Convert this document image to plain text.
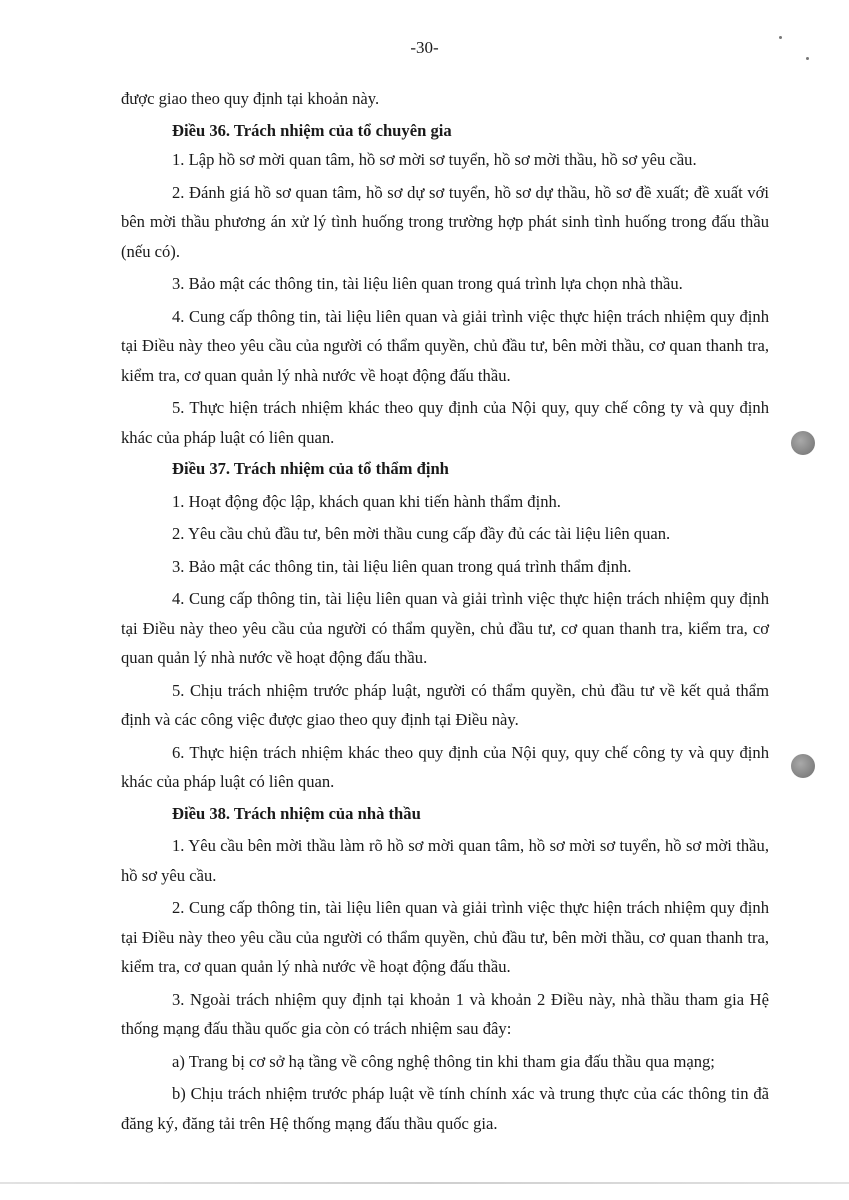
-30-

được giao theo quy định tại khoản này.

Điều 36. Trách nhiệm của tổ chuyên gia

1. Lập hồ sơ mời quan tâm, hồ sơ mời sơ tuyển, hồ sơ mời thầu, hồ sơ yêu cầu.

2. Đánh giá hồ sơ quan tâm, hồ sơ dự sơ tuyển, hồ sơ dự thầu, hồ sơ đề xuất; đề xuất với bên mời thầu phương án xử lý tình huống trong trường hợp phát sinh tình huống trong đấu thầu (nếu có).

3. Bảo mật các thông tin, tài liệu liên quan trong quá trình lựa chọn nhà thầu.

4. Cung cấp thông tin, tài liệu liên quan và giải trình việc thực hiện trách nhiệm quy định tại Điều này theo yêu cầu của người có thẩm quyền, chủ đầu tư, bên mời thầu, cơ quan thanh tra, kiểm tra, cơ quan quản lý nhà nước về hoạt động đấu thầu.

5. Thực hiện trách nhiệm khác theo quy định của Nội quy, quy chế công ty và quy định khác của pháp luật có liên quan.

Điều 37. Trách nhiệm của tổ thẩm định

1. Hoạt động độc lập, khách quan khi tiến hành thẩm định.

2. Yêu cầu chủ đầu tư, bên mời thầu cung cấp đầy đủ các tài liệu liên quan.

3. Bảo mật các thông tin, tài liệu liên quan trong quá trình thẩm định.

4. Cung cấp thông tin, tài liệu liên quan và giải trình việc thực hiện trách nhiệm quy định tại Điều này theo yêu cầu của người có thẩm quyền, chủ đầu tư, cơ quan thanh tra, kiểm tra, cơ quan quản lý nhà nước về hoạt động đấu thầu.

5. Chịu trách nhiệm trước pháp luật, người có thẩm quyền, chủ đầu tư về kết quả thẩm định và các công việc được giao theo quy định tại Điều này.

6. Thực hiện trách nhiệm khác theo quy định của Nội quy, quy chế công ty và quy định khác của pháp luật có liên quan.

Điều 38. Trách nhiệm của nhà thầu

1. Yêu cầu bên mời thầu làm rõ hồ sơ mời quan tâm, hồ sơ mời sơ tuyển, hồ sơ mời thầu, hồ sơ yêu cầu.

2. Cung cấp thông tin, tài liệu liên quan và giải trình việc thực hiện trách nhiệm quy định tại Điều này theo yêu cầu của người có thẩm quyền, chủ đầu tư, bên mời thầu, cơ quan thanh tra, kiểm tra, cơ quan quản lý nhà nước về hoạt động đấu thầu.

3. Ngoài trách nhiệm quy định tại khoản 1 và khoản 2 Điều này, nhà thầu tham gia Hệ thống mạng đấu thầu quốc gia còn có trách nhiệm sau đây:

a) Trang bị cơ sở hạ tầng về công nghệ thông tin khi tham gia đấu thầu qua mạng;

b) Chịu trách nhiệm trước pháp luật về tính chính xác và trung thực của các thông tin đã đăng ký, đăng tải trên Hệ thống mạng đấu thầu quốc gia.
